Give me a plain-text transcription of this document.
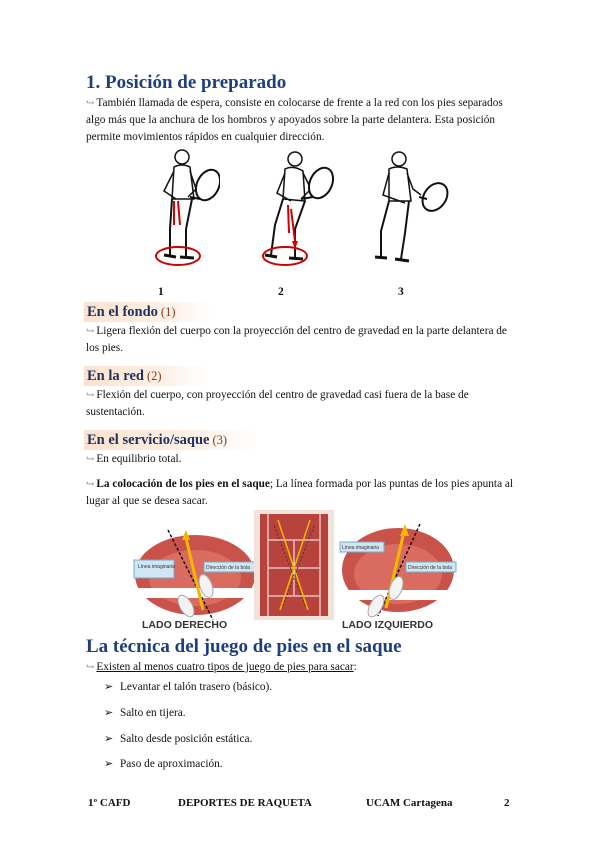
1. Posición de preparado
↪ También llamada de espera, consiste en colocarse de frente a la red con los pies separados algo más que la anchura de los hombros y apoyados sobre la parte delantera. Esta posición permite movimientos rápidos en cualquier dirección.
1	2	3
En el fondo (1)
↪ Ligera flexión del cuerpo con la proyección del centro de gravedad en la parte delantera de los pies.
En la red (2)
↪ Flexión del cuerpo, con proyección del centro de gravedad casi fuera de la base de sustentación.
En el servicio/saque (3)
↪ En equilibrio total.
↪ La colocación de los pies en el saque; La línea formada por las puntas de los pies apunta al lugar al que se desea sacar.
Línea imaginaria	Dirección de la bola
Línea imaginaria
Dirección de la bola
LADO DERECHO	LADO IZQUIERDO
La técnica del juego de pies en el saque
↪ Existen al menos cuatro tipos de juego de pies para sacar:
➢ Levantar el talón trasero (básico).
➢ Salto en tijera.
➢ Salto desde posición estática.
➢ Paso de aproximación.
1º CAFD	DEPORTES DE RAQUETA	UCAM Cartagena	2
